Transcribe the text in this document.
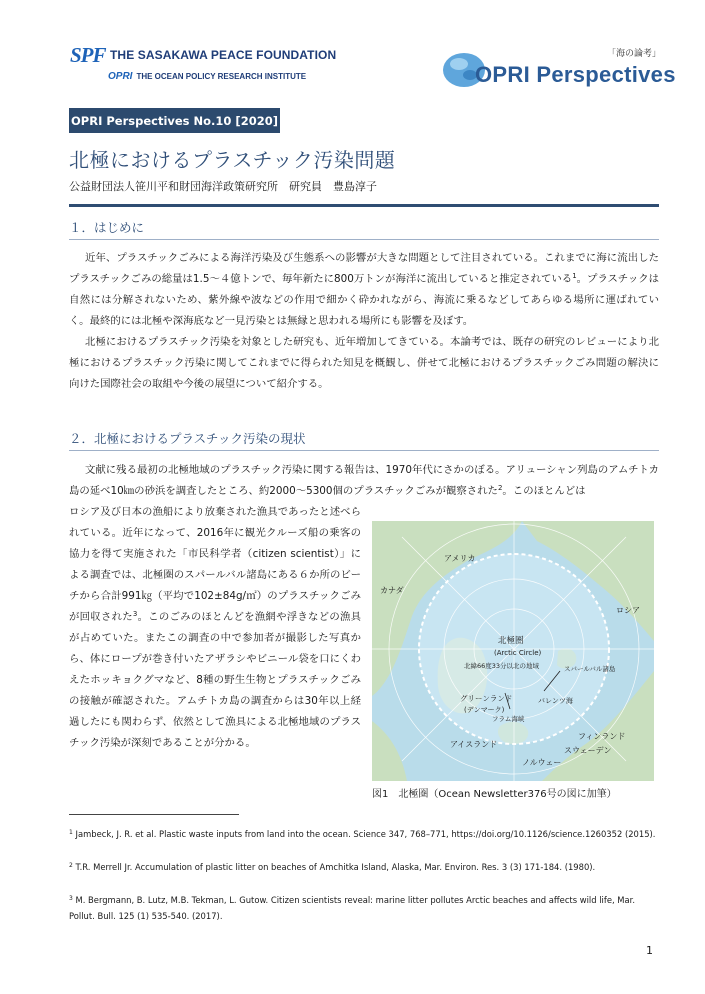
SPF THE SASAKAWA PEACE FOUNDATION
OPRI THE OCEAN POLICY RESEARCH INSTITUTE
「海の論考」
OPRI Perspectives
OPRI Perspectives No.10 [2020]
北極におけるプラスチック汚染問題
公益財団法人笹川平和財団海洋政策研究所　研究員　豊島淳子
１．はじめに
近年、プラスチックごみによる海洋汚染及び生態系への影響が大きな問題として注目されている。これまでに海に流出したプラスチックごみの総量は1.5～４億トンで、毎年新たに800万トンが海洋に流出していると推定されている$^1$。プラスチックは自然には分解されないため、紫外線や波などの作用で細かく砕かれながら、海流に乗るなどしてあらゆる場所に運ばれていく。最終的には北極や深海底など一見汚染とは無縁と思われる場所にも影響を及ぼす。
北極におけるプラスチック汚染を対象とした研究も、近年増加してきている。本論考では、既存の研究のレビューにより北極におけるプラスチック汚染に関してこれまでに得られた知見を概観し、併せて北極におけるプラスチックごみ問題の解決に向けた国際社会の取組や今後の展望について紹介する。
２．北極におけるプラスチック汚染の現状
文献に残る最初の北極地域のプラスチック汚染に関する報告は、1970年代にさかのぼる。アリューシャン列島のアムチトカ島の延べ10㎞の砂浜を調査したところ、約2000～5300個のプラスチックごみが観察された$^2$。このほとんどは
ロシア及び日本の漁船により放棄された漁具であったと述べられている。近年になって、2016年に観光クルーズ船の乗客の協力を得て実施された「市民科学者（citizen scientist）」による調査では、北極圏のスパールバル諸島にある６か所のビーチから合計991㎏（平均で102±84g/㎡）のプラスチックごみが回収された$^3$。このごみのほとんどを漁網や浮きなどの漁具が占めていた。またこの調査の中で参加者が撮影した写真から、体にロープが巻き付いたアザラシやビニール袋を口にくわえたホッキョクグマなど、8種の野生生物とプラスチックごみの接触が確認された。アムチトカ島の調査からは30年以上経過したにも関わらず、依然として漁具による北極地域のプラスチック汚染が深刻であることが分かる。
アメリカ
カナダ
ロシア
北極圏
(Arctic Circle)
北緯66度33分以北の地域	スバールバル諸島
グリーンランド
(デンマーク)
バレンツ海
フラム海峡
アイスランド
フィンランド
スウェーデン
ノルウェー
図1　北極圏（Ocean Newsletter376号の図に加筆）
$^1$ Jambeck, J. R. et al. Plastic waste inputs from land into the ocean. Science 347, 768–771, https://doi.org/10.1126/science.1260352 (2015).
$^2$ T.R. Merrell Jr. Accumulation of plastic litter on beaches of Amchitka Island, Alaska, Mar. Environ. Res. 3 (3) 171-184. (1980).
$^3$ M. Bergmann, B. Lutz, M.B. Tekman, L. Gutow. Citizen scientists reveal: marine litter pollutes Arctic beaches and affects wild life, Mar. Pollut. Bull. 125 (1) 535-540. (2017).
1
